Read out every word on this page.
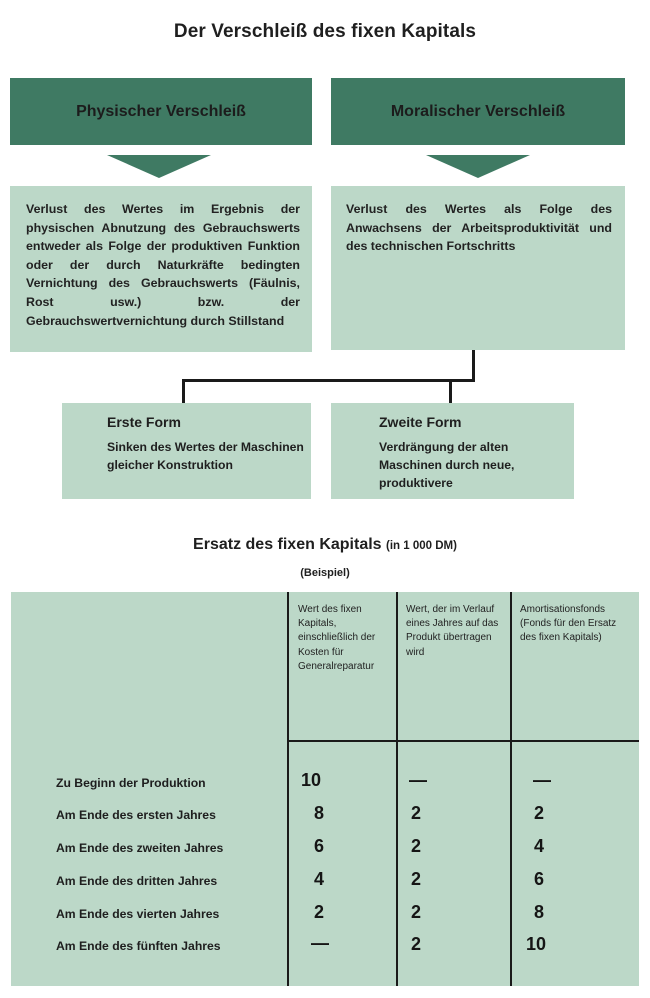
Der Verschleiß des fixen Kapitals
Physischer Verschleiß
Verlust des Wertes im Ergebnis der physischen Abnutzung des Gebrauchswerts entweder als Folge der produktiven Funktion oder der durch Naturkräfte bedingten Vernichtung des Gebrauchswerts (Fäulnis, Rost usw.) bzw. der Gebrauchswertvernichtung durch Stillstand
Moralischer Verschleiß
Verlust des Wertes als Folge des Anwachsens der Arbeitsproduktivität und des technischen Fortschritts
Erste Form
Sinken des Wertes der Maschinen gleicher Konstruktion
Zweite Form
Verdrängung der alten Maschinen durch neue, produktivere
Ersatz des fixen Kapitals (in 1 000 DM)
(Beispiel)
Wert des fixen Kapitals, einschließlich der Kosten für Generalreparatur
Wert, der im Verlauf eines Jahres auf das Produkt übertragen wird
Amortisationsfonds (Fonds für den Ersatz des fixen Kapitals)
Zu Beginn der Produktion	10	—	—
Am Ende des ersten Jahres	8	2	2
Am Ende des zweiten Jahres	6	2	4
Am Ende des dritten Jahres	4	2	6
Am Ende des vierten Jahres	2	2	8
Am Ende des fünften Jahres	—	2	10
